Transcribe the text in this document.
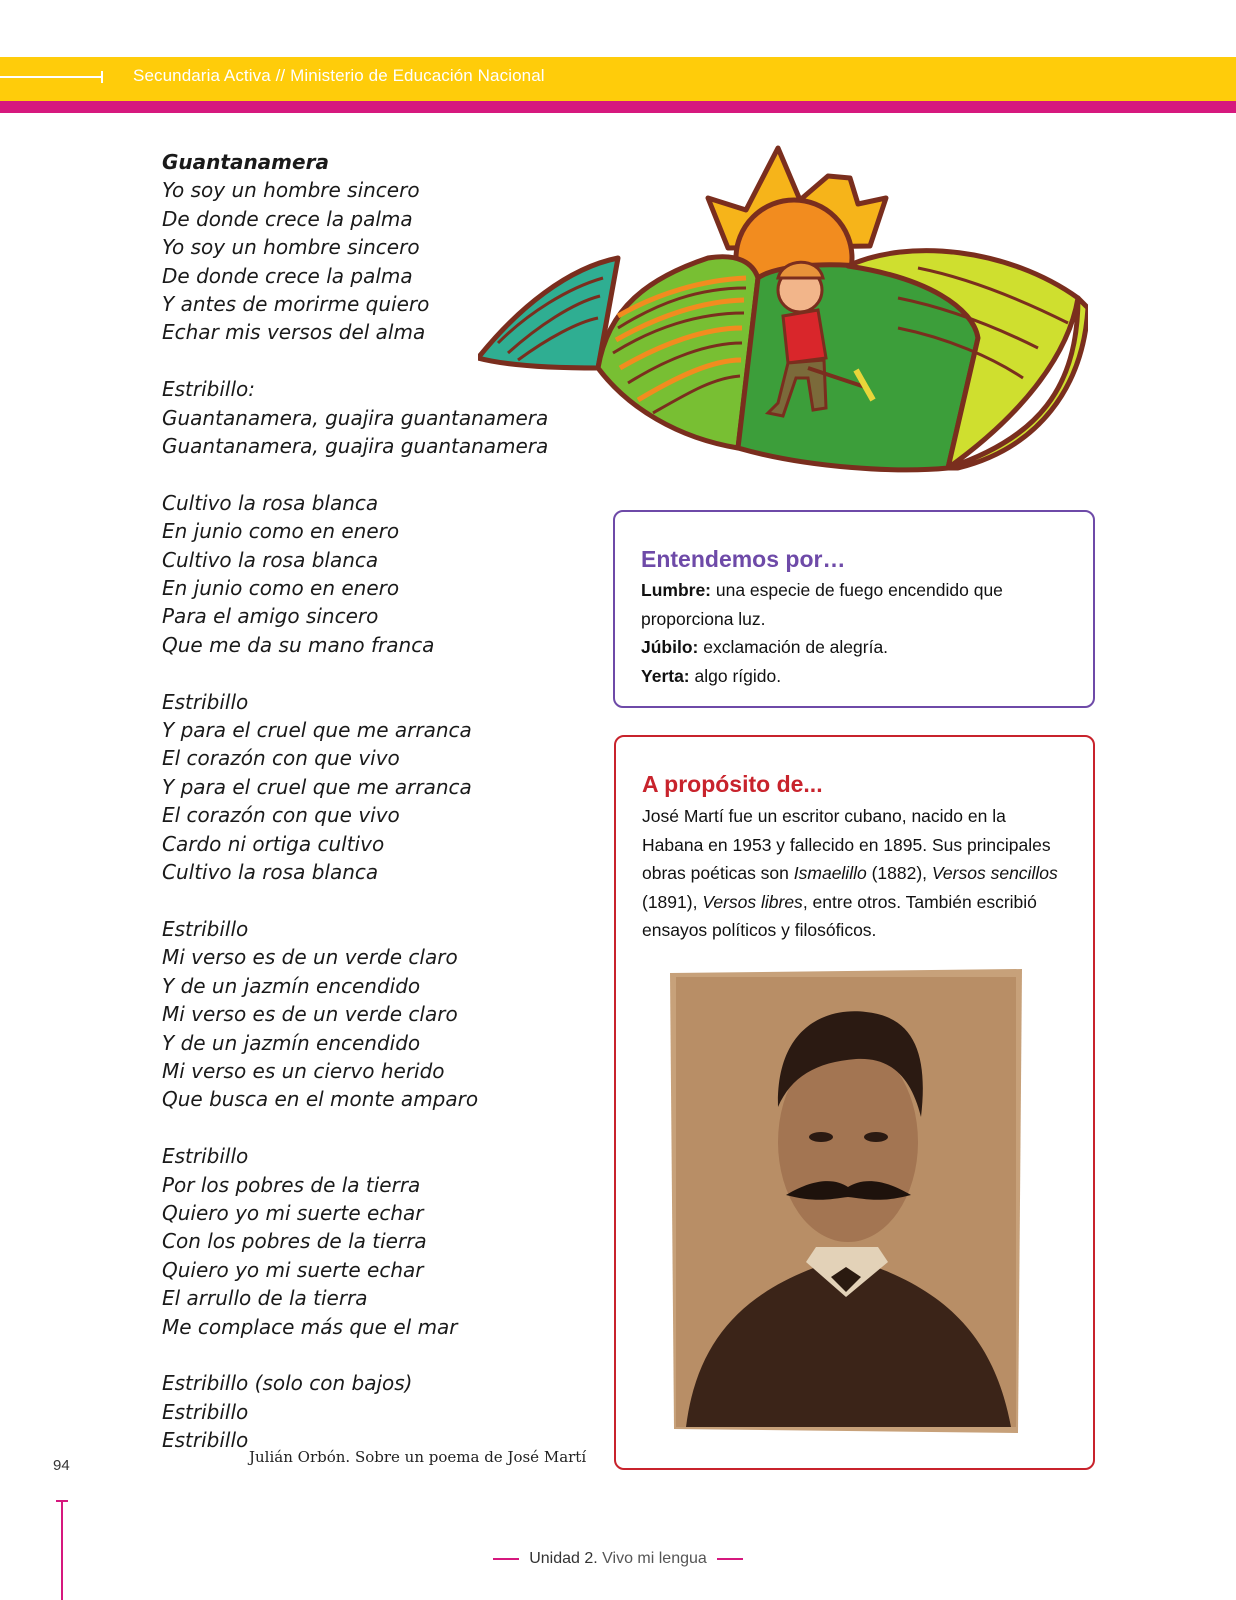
Secundaria Activa // Ministerio de Educación Nacional
Guantanamera
Yo soy un hombre sincero
De donde crece la palma
Yo soy un hombre sincero
De donde crece la palma
Y antes de morirme quiero
Echar mis versos del alma
Estribillo:
Guantanamera, guajira guantanamera
Guantanamera, guajira guantanamera
Cultivo la rosa blanca
En junio como en enero
Cultivo la rosa blanca
En junio como en enero
Para el amigo sincero
Que me da su mano franca
Estribillo
Y para el cruel que me arranca
El corazón con que vivo
Y para el cruel que me arranca
El corazón con que vivo
Cardo ni ortiga cultivo
Cultivo la rosa blanca
Estribillo
Mi verso es de un verde claro
Y de un jazmín encendido
Mi verso es de un verde claro
Y de un jazmín encendido
Mi verso es un ciervo herido
Que busca en el monte amparo
Estribillo
Por los pobres de la tierra
Quiero yo mi suerte echar
Con los pobres de la tierra
Quiero yo mi suerte echar
El arrullo de la tierra
Me complace más que el mar
Estribillo (solo con bajos)
Estribillo
Estribillo
Julián Orbón. Sobre un poema de José Martí
94
Entendemos por…
Lumbre: una especie de fuego encendido que proporciona luz.
Júbilo: exclamación de alegría.
Yerta: algo rígido.
A propósito de...
José Martí fue un escritor cubano, nacido en la Habana en 1953 y fallecido en 1895. Sus principales obras poéticas son Ismaelillo (1882), Versos sencillos (1891), Versos libres, entre otros. También escribió ensayos políticos y filosóficos.
Unidad 2. Vivo mi lengua
